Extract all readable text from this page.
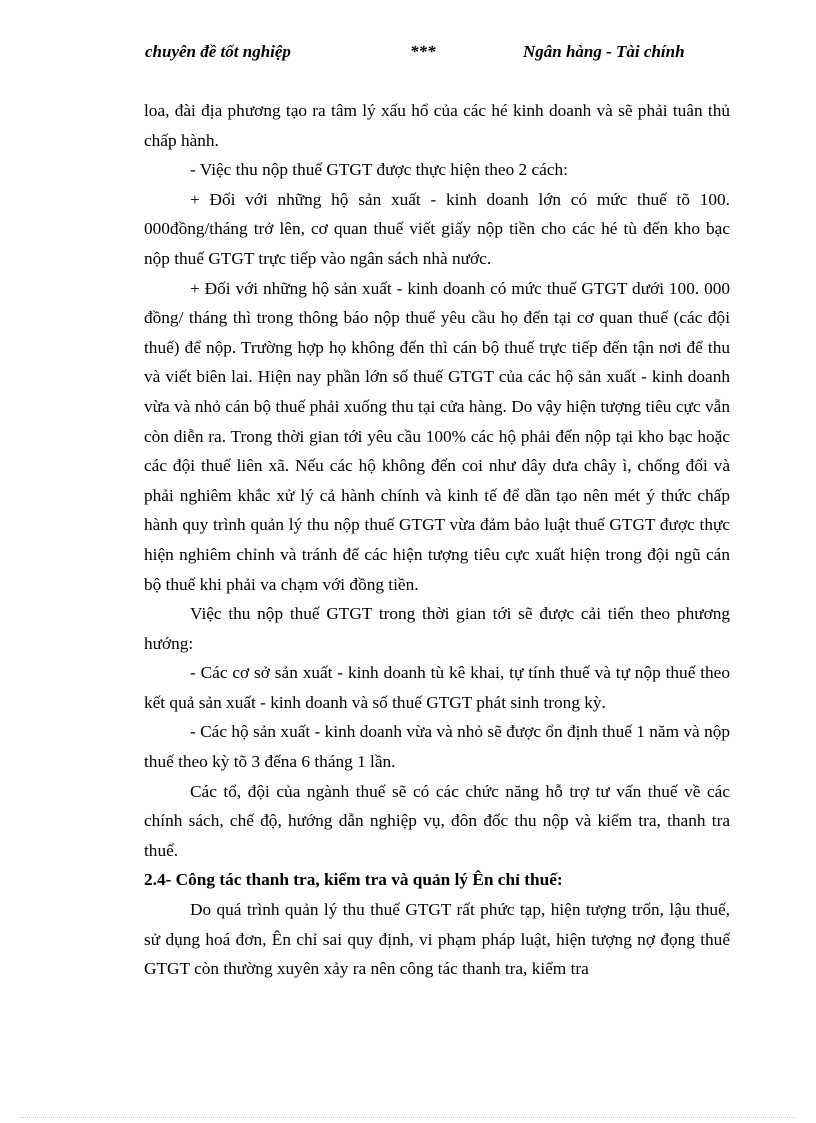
chuyên đề tốt nghiệp	***	Ngân hàng - Tài chính

loa, đài địa phương tạo ra tâm lý xấu hổ của các hé kinh doanh và sẽ phải tuân thủ chấp hành.

- Việc thu nộp thuế GTGT được thực hiện theo 2 cách:

+ Đối với những hộ sản xuất - kinh doanh lớn có mức thuế tõ 100. 000đồng/tháng trở lên, cơ quan thuế viết giấy nộp tiền cho các hé tù đến kho bạc nộp thuế GTGT trực tiếp vào ngân sách nhà nước.

+ Đối với những hộ sản xuất - kinh doanh có mức thuế GTGT dưới 100. 000 đồng/ tháng thì trong thông báo nộp thuế yêu cầu họ đến tại cơ quan thuế (các đội thuế) để nộp. Trường hợp họ không đến thì cán bộ thuế trực tiếp đến tận nơi để thu và viết biên lai. Hiện nay phần lớn số thuế GTGT của các hộ sản xuất - kinh doanh vừa và nhỏ cán bộ thuế phải xuống thu tại cửa hàng. Do vậy hiện tượng tiêu cực vẫn còn diễn ra. Trong thời gian tới yêu cầu 100% các hộ phải đến nộp tại kho bạc hoặc các đội thuế liên xã. Nếu các hộ không đến coi như dây dưa chây ì, chống đối và phải nghiêm khắc xử lý cả hành chính và kinh tế để dần tạo nên mét ý thức chấp hành quy trình quản lý thu nộp thuế GTGT vừa đảm bảo luật thuế GTGT được thực hiện nghiêm chỉnh và tránh để các hiện tượng tiêu cực xuất hiện trong đội ngũ cán bộ thuế khi phải va chạm với đồng tiền.

Việc thu nộp thuế GTGT trong thời gian tới sẽ được cải tiến theo phương hướng:

- Các cơ sở sản xuất - kinh doanh tù kê khai, tự tính thuế và tự nộp thuế theo kết quả sản xuất - kinh doanh và số thuế GTGT phát sinh trong kỳ.

- Các hộ sản xuất - kinh doanh vừa và nhỏ sẽ được ổn định thuế 1 năm và nộp thuế theo kỳ tõ 3 đếna 6 tháng 1 lần.

Các tổ, đội của ngành thuế sẽ có các chức năng hỗ trợ tư vấn thuế về các chính sách, chế độ, hướng dẫn nghiệp vụ, đôn đốc thu nộp và kiểm tra, thanh tra thuế.

2.4- Công tác thanh tra, kiểm tra và quản lý Ên chỉ thuế:

Do quá trình quản lý thu thuế GTGT rất phức tạp, hiện tượng trốn, lậu thuế, sử dụng hoá đơn, Ên chỉ sai quy định, vi phạm pháp luật, hiện tượng nợ đọng thuế GTGT còn thường xuyên xảy ra nên công tác thanh tra, kiểm tra
